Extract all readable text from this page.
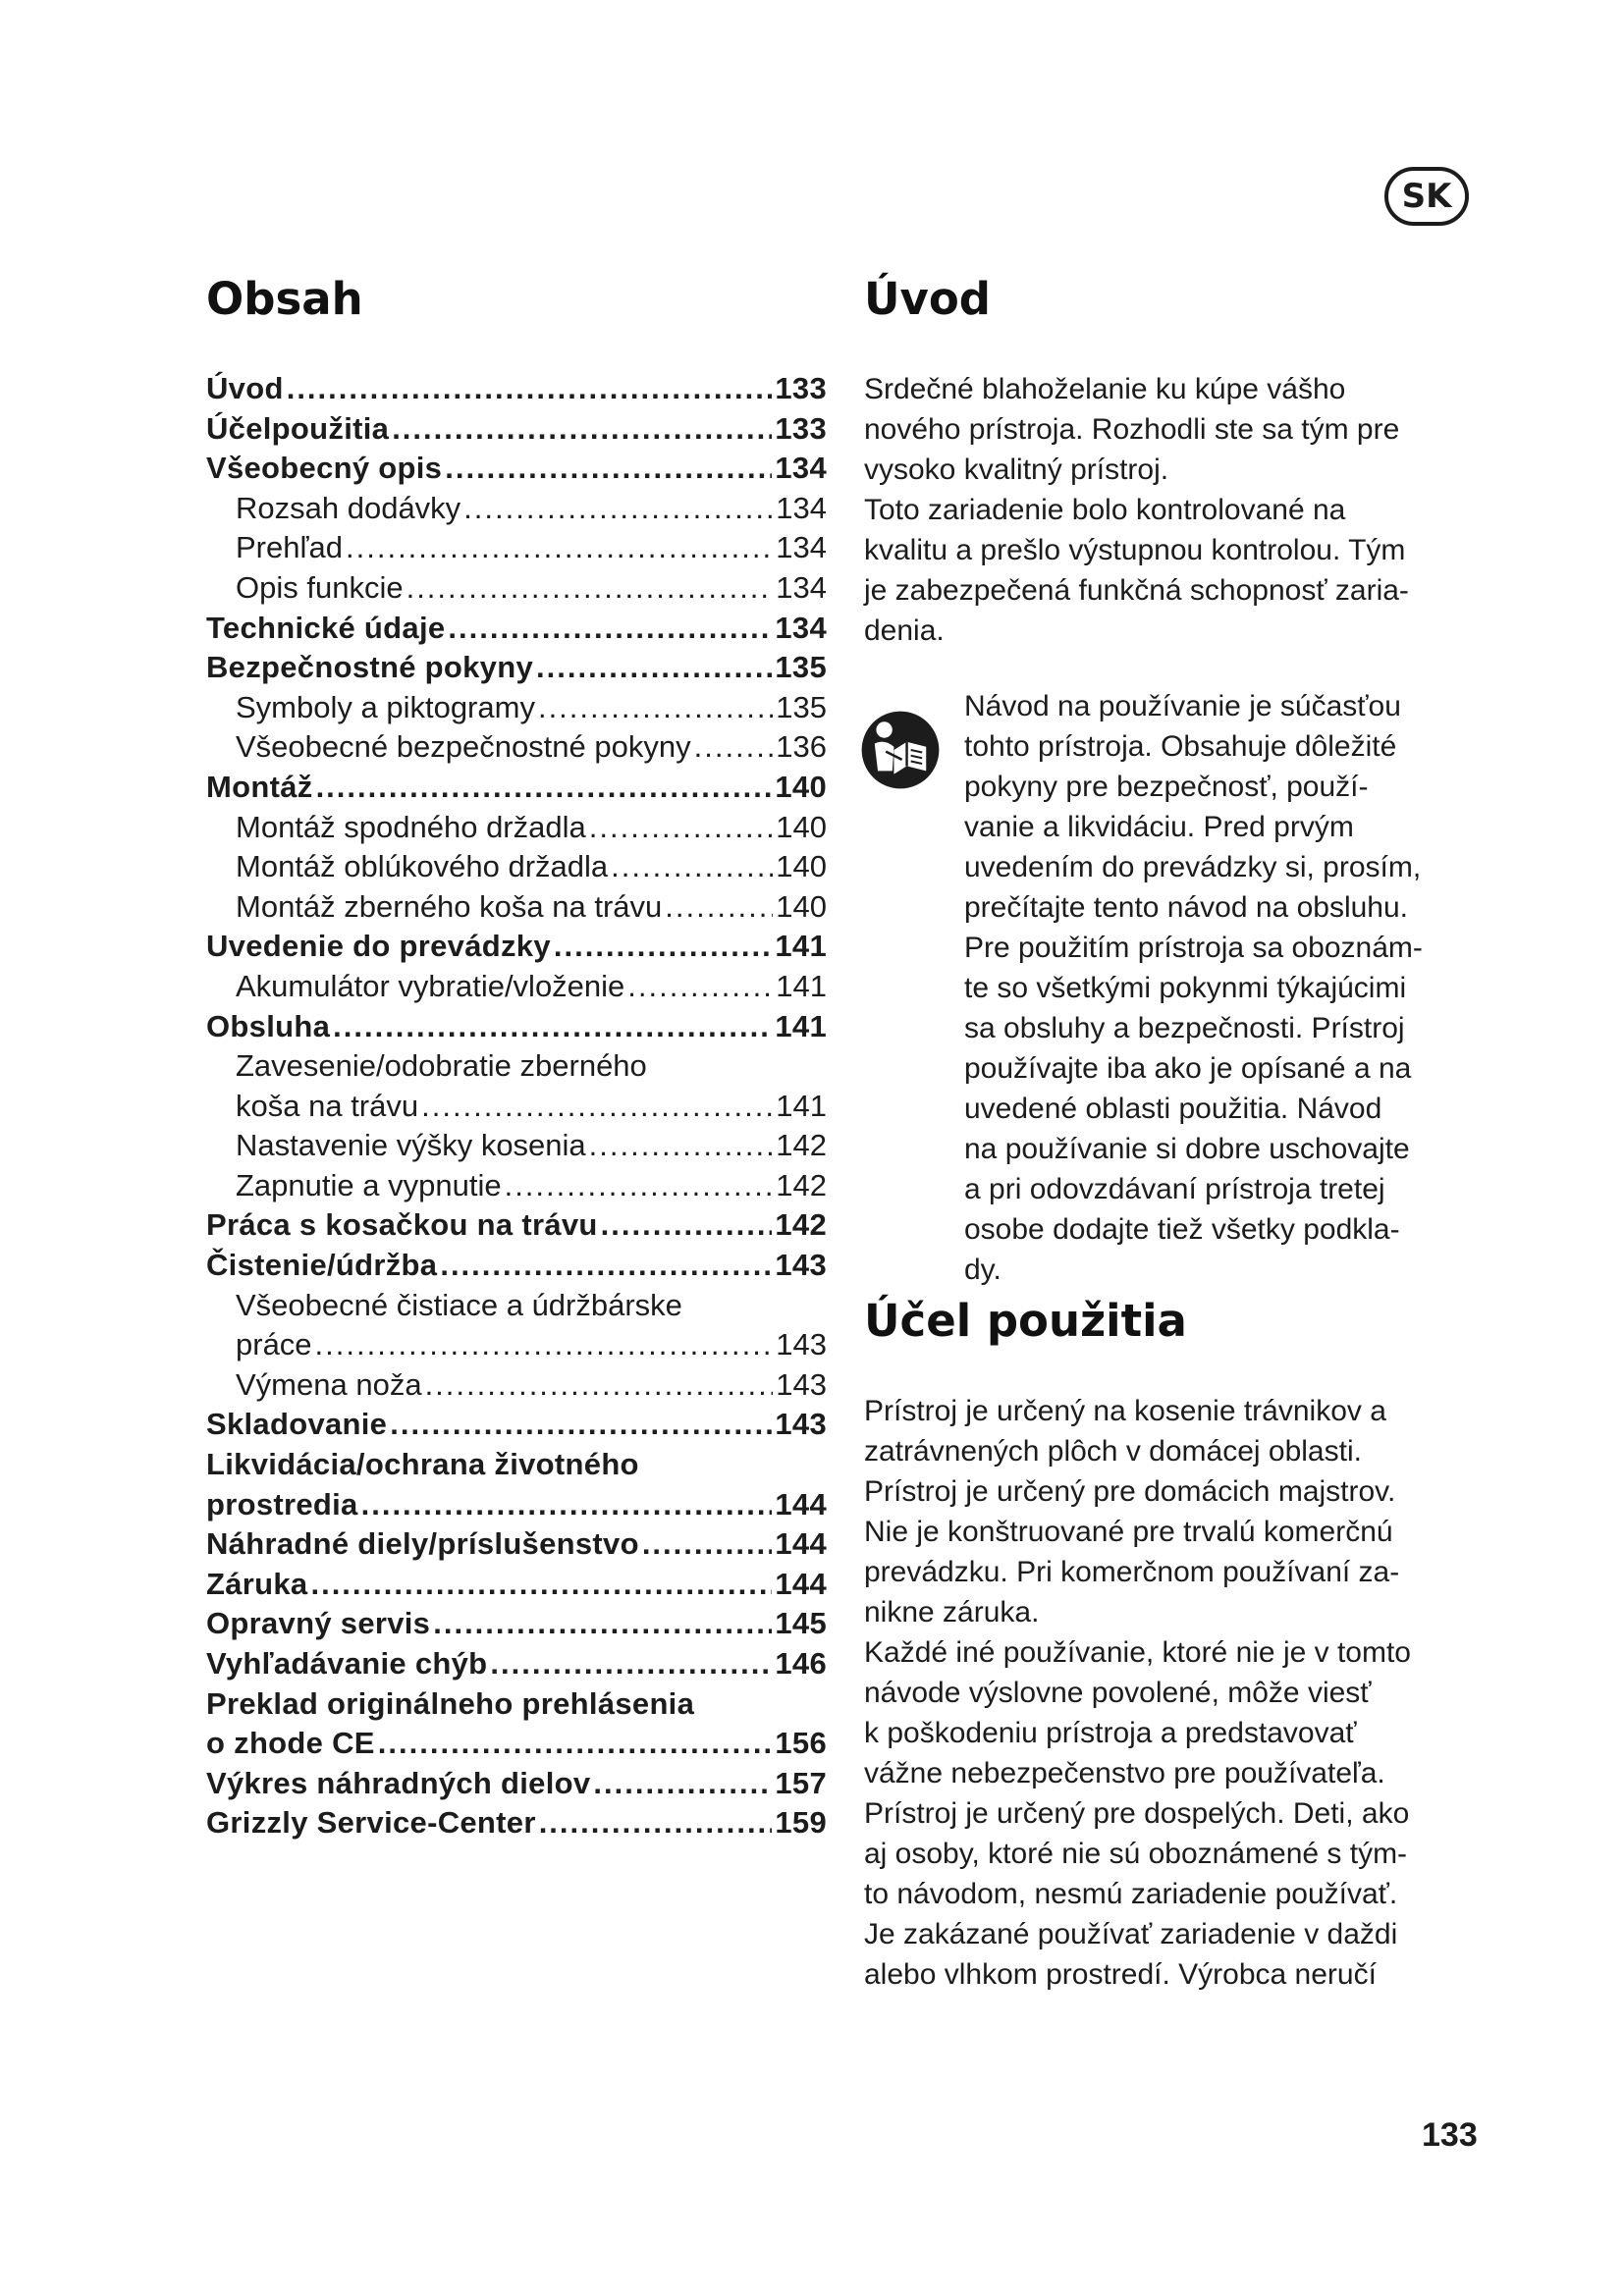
SK
Obsah
Úvod .....	133
Účelpoužitia .....	133
Všeobecný opis .....	134
Rozsah dodávky .....	134
Prehľad .....	134
Opis funkcie .....	134
Technické údaje .....	134
Bezpečnostné pokyny .....	135
Symboly a piktogramy .....	135
Všeobecné bezpečnostné pokyny .....	136
Montáž .....	140
Montáž spodného držadla .....	140
Montáž oblúkového držadla .....	140
Montáž zberného koša na trávu .....	140
Uvedenie do prevádzky .....	141
Akumulátor vybratie/vloženie .....	141
Obsluha .....	141
Zavesenie/odobratie zberného
koša na trávu .....	141
Nastavenie výšky kosenia .....	142
Zapnutie a vypnutie .....	142
Práca s kosačkou na trávu .....	142
Čistenie/údržba .....	143
Všeobecné čistiace a údržbárske
práce .....	143
Výmena noža .....	143
Skladovanie .....	143
Likvidácia/ochrana životného
prostredia .....	144
Náhradné diely/príslušenstvo .....	144
Záruka .....	144
Opravný servis .....	145
Vyhľadávanie chýb .....	146
Preklad originálneho prehlásenia
o zhode CE .....	156
Výkres náhradných dielov .....	157
Grizzly Service-Center .....	159
Úvod

Srdečné blahoželanie ku kúpe vášho
nového prístroja. Rozhodli ste sa tým pre
vysoko kvalitný prístroj.
Toto zariadenie bolo kontrolované na
kvalitu a prešlo výstupnou kontrolou. Tým
je zabezpečená funkčná schopnosť zaria-
denia.

Návod na používanie je súčasťou
tohto prístroja. Obsahuje dôležité
pokyny pre bezpečnosť, použí-
vanie a likvidáciu. Pred prvým
uvedením do prevádzky si, prosím,
prečítajte tento návod na obsluhu.
Pre použitím prístroja sa oboznám-
te so všetkými pokynmi týkajúcimi
sa obsluhy a bezpečnosti. Prístroj
používajte iba ako je opísané a na
uvedené oblasti použitia. Návod
na používanie si dobre uschovajte
a pri odovzdávaní prístroja tretej
osobe dodajte tiež všetky podkla-
dy.

Účel použitia

Prístroj je určený na kosenie trávnikov a
zatrávnených plôch v domácej oblasti.
Prístroj je určený pre domácich majstrov.
Nie je konštruované pre trvalú komerčnú
prevádzku. Pri komerčnom používaní za-
nikne záruka.
Každé iné používanie, ktoré nie je v tomto
návode výslovne povolené, môže viesť
k poškodeniu prístroja a predstavovať
vážne nebezpečenstvo pre používateľa.
Prístroj je určený pre dospelých. Deti, ako
aj osoby, ktoré nie sú oboznámené s tým-
to návodom, nesmú zariadenie používať.
Je zakázané používať zariadenie v daždi
alebo vlhkom prostredí. Výrobca neručí

133
